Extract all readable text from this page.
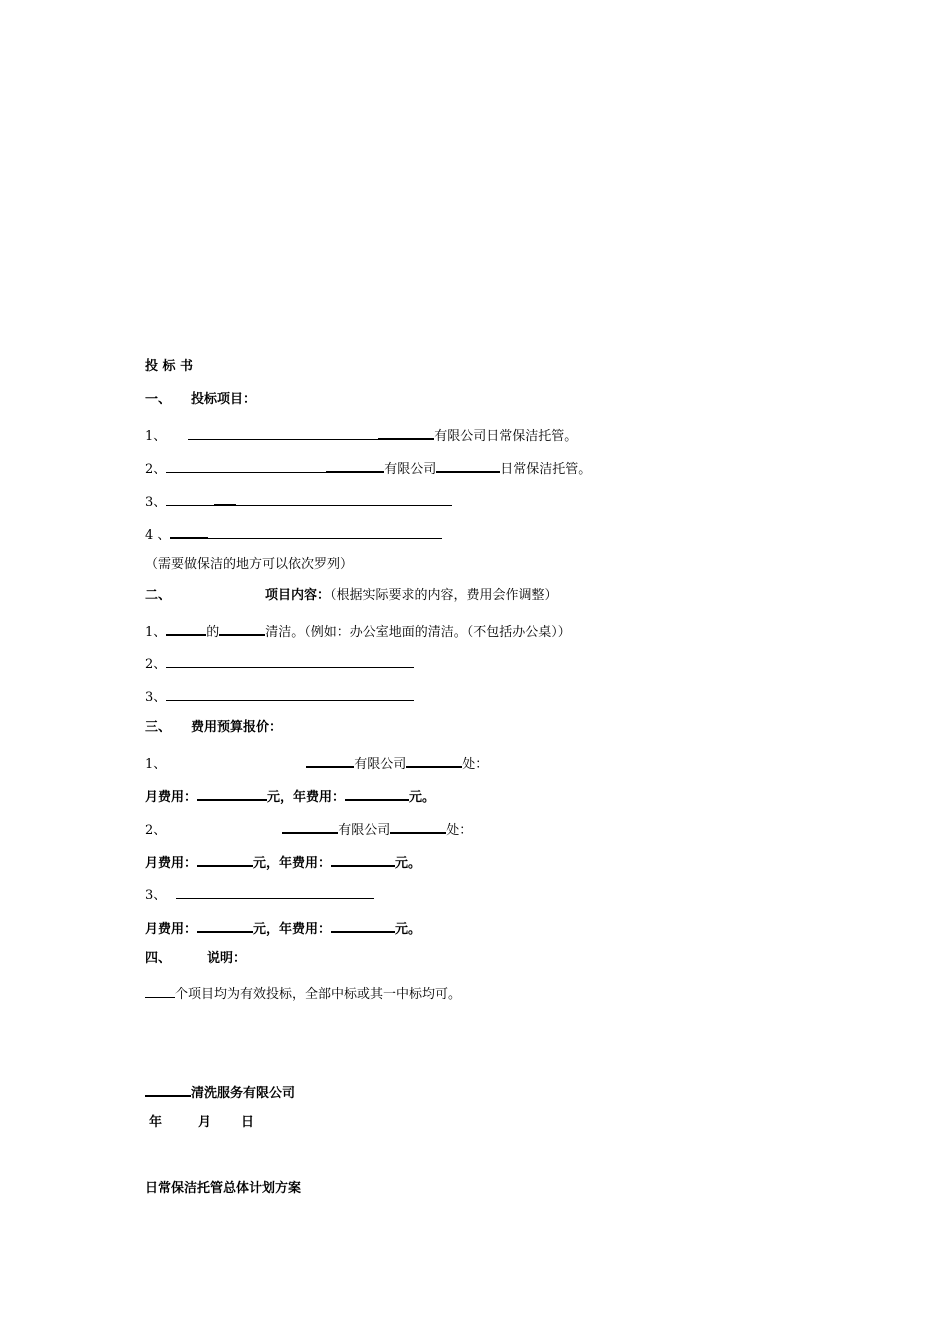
投 标 书
一、 投标项目：
1、	有限公司日常保洁托管。
2、	有限公司	日常保洁托管。
3、
4 、
（需要做保洁的地方可以依次罗列）
二、	项目内容：（根据实际要求的内容，费用会作调整）
1、	的	清洁。（例如：办公室地面的清洁。（不包括办公桌））
2、
3、
三、 费用预算报价：
1、	有限公司	处：
月费用：	元，年费用：	元。
2、	有限公司	处：
月费用：	元，年费用：	元。
3、
月费用：	元，年费用：	元。
四、	说明：
个项目均为有效投标，全部中标或其一中标均可。
清洗服务有限公司
年	月 日
日常保洁托管总体计划方案
